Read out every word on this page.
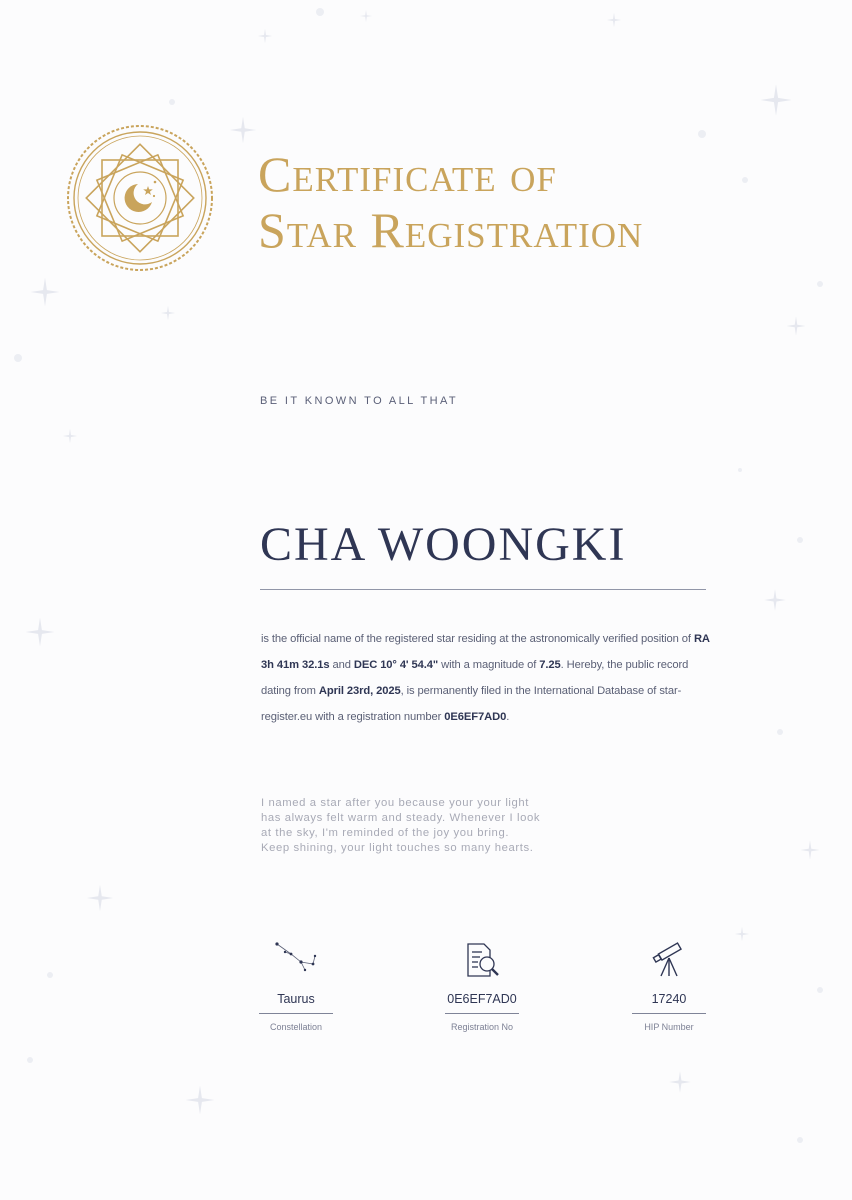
Certificate of
Star Registration
BE IT KNOWN TO ALL THAT
CHA WOONGKI

is the official name of the registered star residing at the astronomically verified position of RA 3h 41m 32.1s and DEC 10° 4' 54.4" with a magnitude of 7.25. Hereby, the public record dating from April 23rd, 2025, is permanently filed in the International Database of star-register.eu with a registration number 0E6EF7AD0.

I named a star after you because your your light
has always felt warm and steady. Whenever I look
at the sky, I'm reminded of the joy you bring.
Keep shining, your light touches so many hearts.

Taurus
Constellation
0E6EF7AD0
Registration No
17240
HIP Number
